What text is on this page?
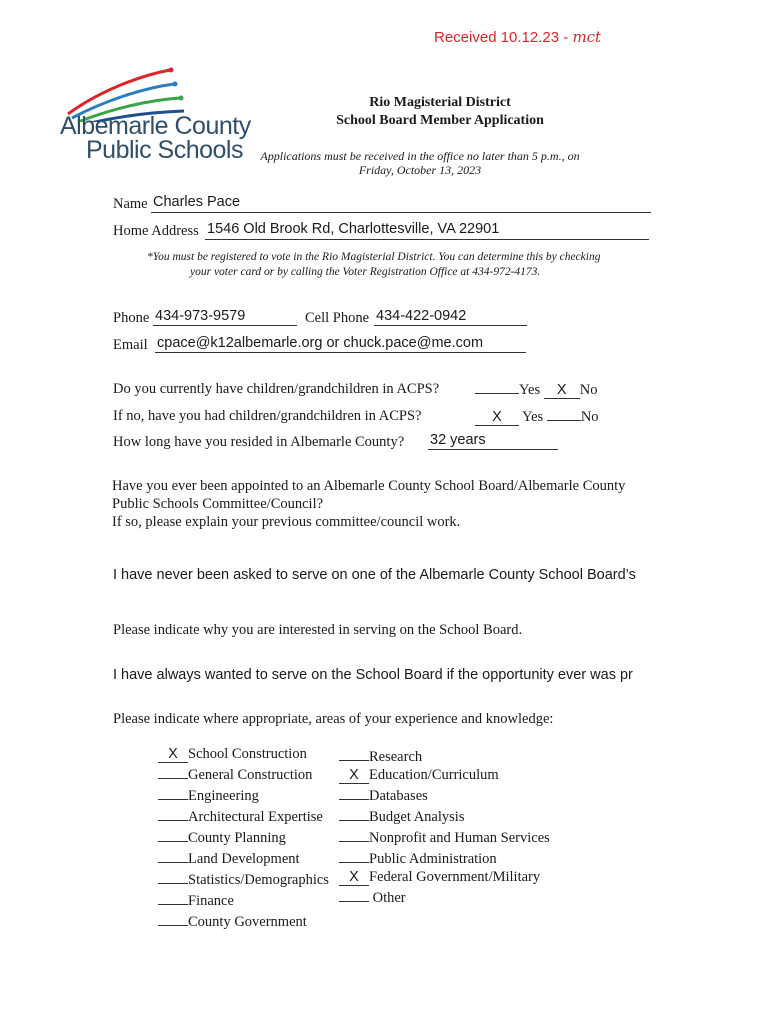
Received 10.12.23 - mct
Albemarle County
Public Schools
Rio Magisterial District
School Board Member Application
Applications must be received in the office no later than 5 p.m., on
Friday, October 13, 2023
Name Charles Pace
Home Address 1546 Old Brook Rd, Charlottesville, VA 22901
*You must be registered to vote in the Rio Magisterial District. You can determine this by checking
your voter card or by calling the Voter Registration Office at 434-972-4173.
Phone 434-973-9579	Cell Phone 434-422-0942
Email cpace@k12albemarle.org or chuck.pace@me.com
Do you currently have children/grandchildren in ACPS?	Yes X No
If no, have you had children/grandchildren in ACPS?	X Yes	No
How long have you resided in Albemarle County? 32 years
Have you ever been appointed to an Albemarle County School Board/Albemarle County
Public Schools Committee/Council?
If so, please explain your previous committee/council work.
I have never been asked to serve on one of the Albemarle County School Board’s
Please indicate why you are interested in serving on the School Board.
I have always wanted to serve on the School Board if the opportunity ever was pr
Please indicate where appropriate, areas of your experience and knowledge:
X School Construction
General Construction
Engineering
Architectural Expertise
County Planning
Land Development
Statistics/Demographics
Finance
County Government
Research
X Education/Curriculum
Databases
Budget Analysis
Nonprofit and Human Services
Public Administration
X Federal Government/Military
Other
